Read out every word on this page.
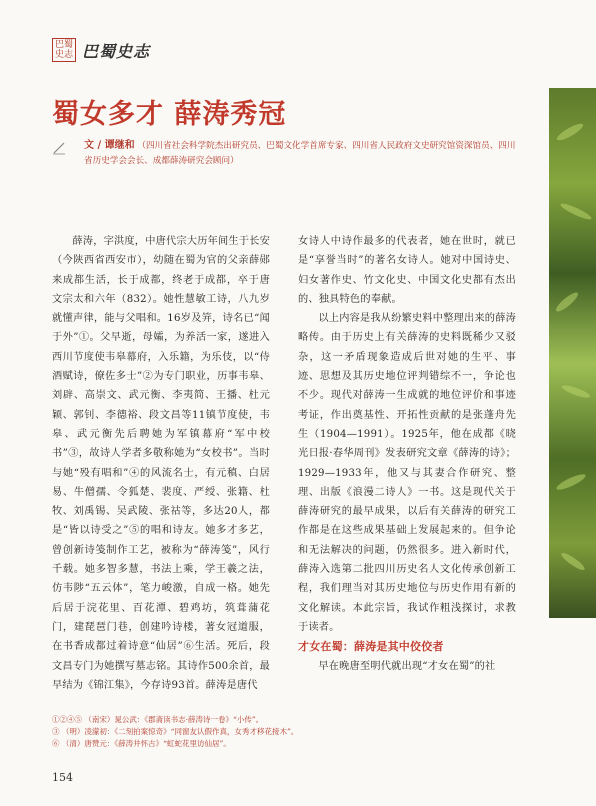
巴蜀
史志 巴蜀史志
蜀女多才 薛涛秀冠
文 / 谭继和 （四川省社会科学院杰出研究员、巴蜀文化学首席专家、四川省人民政府文史研究馆资深馆员、四川省历史学会会长、成都薛涛研究会顾问）

薛涛，字洪度，中唐代宗大历年间生于长安（今陕西省西安市），幼随在蜀为官的父亲薛郧来成都生活，长于成都，终老于成都，卒于唐文宗太和六年（832）。她性慧敏工诗，八九岁就懂声律，能与父唱和。16岁及笄，诗名已“闻于外”①。父早逝，母孀，为养活一家，遂进入西川节度使韦皋幕府，入乐籍，为乐伎，以“侍酒赋诗，僚佐多士”②为专门职业，历事韦皋、刘辟、高崇文、武元衡、李夷简、王播、杜元颖、郭钊、李德裕、段文昌等11镇节度使，韦皋、武元衡先后聘她为军镇幕府“军中校书”③，故诗人学者多敬称她为“女校书”。当时与她“殁有唱和”④的风流名士，有元稹、白居易、牛僧孺、令狐楚、裴度、严绶、张籍、杜牧、刘禹锡、吴武陵、张祜等，多达20人，都是“皆以诗受之”⑤的唱和诗友。她多才多艺，曾创新诗笺制作工艺，被称为“薛涛笺”，风行千载。她多智多慧，书法上乘，学王羲之法，仿韦陟“五云体”，笔力峻激，自成一格。她先后居于浣花里、百花潭、碧鸡坊，筑葺蒲花门，建琵琶门巷，创建吟诗楼，著女冠道服，在书香成都过着诗意“仙居”⑥生活。死后，段文昌专门为她撰写墓志铭。其诗作500余首，最早结为《锦江集》，今存诗93首。薛涛是唐代

女诗人中诗作最多的代表者，她在世时，就已是“享誉当时”的著名女诗人。她对中国诗史、妇女著作史、竹文化史、中国文化史都有杰出的、独具特色的奉献。

以上内容是我从纷繁史料中整理出来的薛涛略传。由于历史上有关薛涛的史料既稀少又驳杂，这一矛盾现象造成后世对她的生平、事迹、思想及其历史地位评判错综不一，争论也不少。现代对薛涛一生成就的地位评价和事迹考证，作出奠基性、开拓性贡献的是张蓬舟先生（1904—1991）。1925年，他在成都《晓光日报·春华周刊》发表研究文章《薛涛的诗》；1929—1933年，他又与其妻合作研究、整理、出版《浪漫二诗人》一书。这是现代关于薛涛研究的最早成果，以后有关薛涛的研究工作都是在这些成果基础上发展起来的。但争论和无法解决的问题，仍然很多。进入新时代，薛涛入选第二批四川历史名人文化传承创新工程，我们理当对其历史地位与历史作用有新的文化解读。本此宗旨，我试作粗浅探讨，求教于读者。

才女在蜀：薛涛是其中佼佼者

早在晚唐至明代就出现“才女在蜀”的社

①②④⑤ （南宋）晁公武：《郡斋读书志·薛涛诗一卷》“小传”。
③ （明）凌濛初：《二刻拍案惊奇》“同窗友认假作真，女秀才移花接木”。
⑥ （清）唐赞元：《薛涛井怀古》“虹蛇花里访仙居”。
154
